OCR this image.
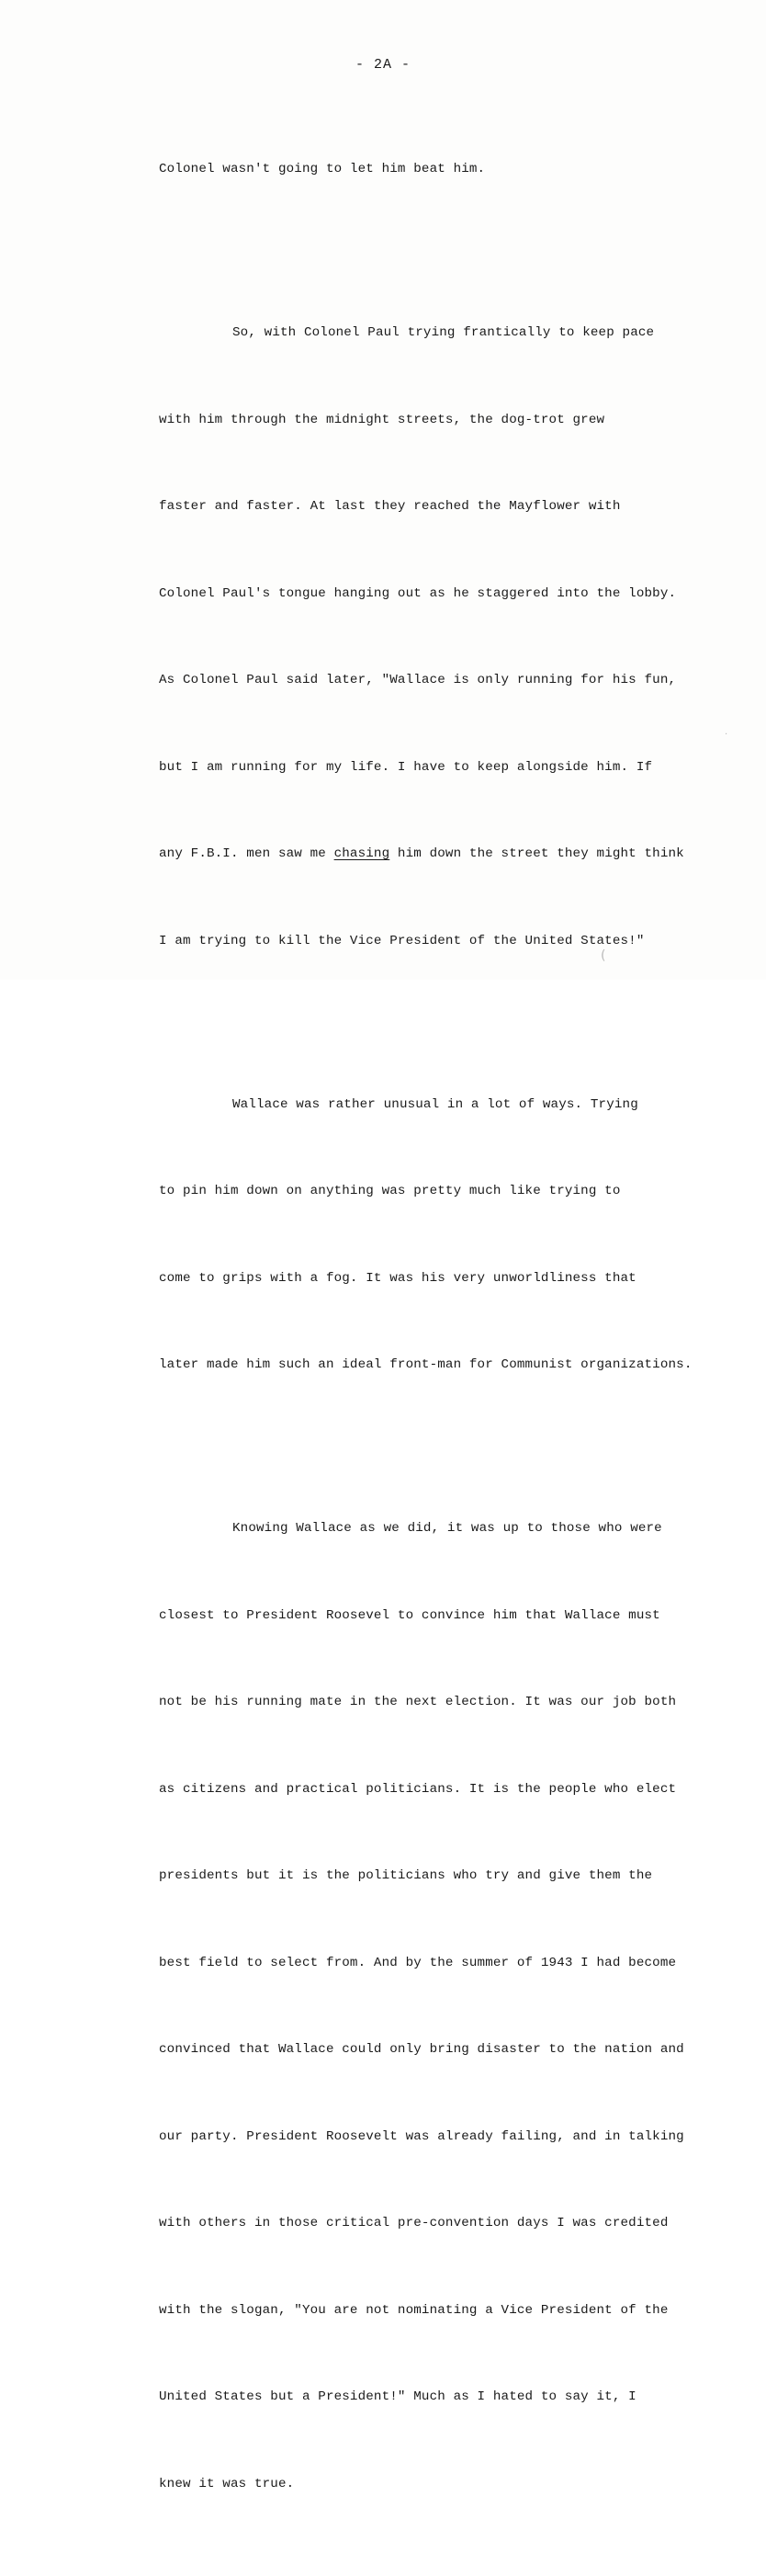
- 2A -

Colonel wasn't going to let him beat him.

So, with Colonel Paul trying frantically to keep pace

with him through the midnight streets, the dog-trot grew

faster and faster. At last they reached the Mayflower with

Colonel Paul's tongue hanging out as he staggered into the lobby.

As Colonel Paul said later, "Wallace is only running for his fun,

but I am running for my life. I have to keep alongside him. If

any F.B.I. men saw me chasing him down the street they might think

I am trying to kill the Vice President of the United States!"

Wallace was rather unusual in a lot of ways. Trying

to pin him down on anything was pretty much like trying to

come to grips with a fog. It was his very unworldliness that

later made him such an ideal front-man for Communist organizations.

Knowing Wallace as we did, it was up to those who were

closest to President Roosevel to convince him that Wallace must

not be his running mate in the next election. It was our job both

as citizens and practical politicians. It is the people who elect

presidents but it is the politicians who try and give them the

best field to select from. And by the summer of 1943 I had become

convinced that Wallace could only bring disaster to the nation and

our party. President Roosevelt was already failing, and in talking

with others in those critical pre-convention days I was credited

with the slogan, "You are not nominating a Vice President of the

United States but a President!" Much as I hated to say it, I

knew it was true.

·
(
